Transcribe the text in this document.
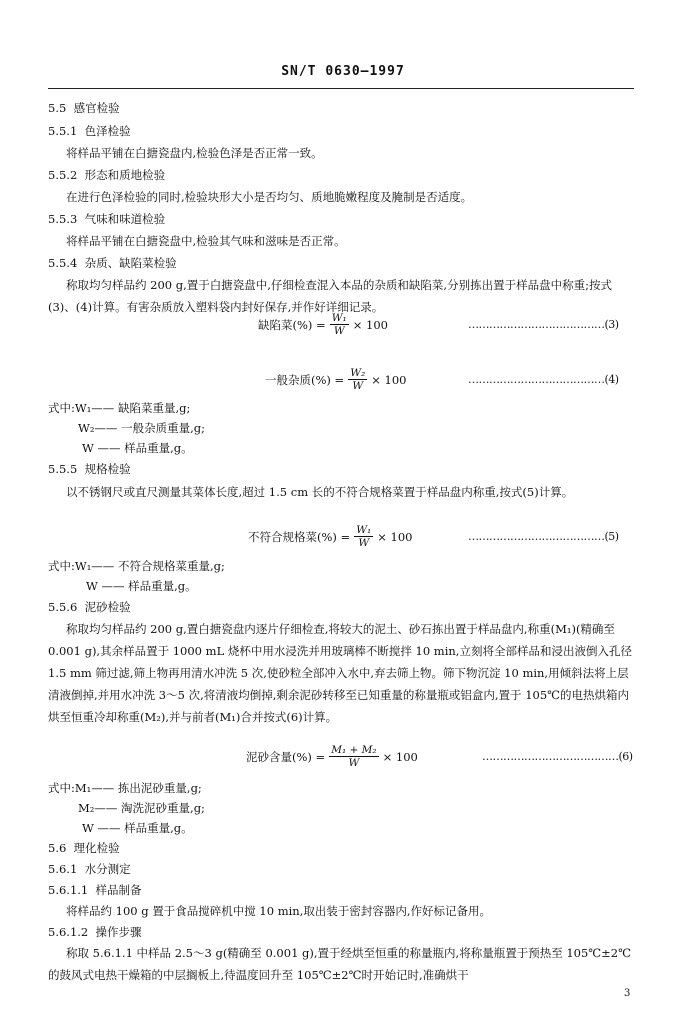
SN/T 0630—1997
5.5 感官检验
5.5.1 色泽检验
将样品平铺在白搪瓷盘内,检验色泽是否正常一致。
5.5.2 形态和质地检验
在进行色泽检验的同时,检验块形大小是否均匀、质地脆嫩程度及腌制是否适度。
5.5.3 气味和味道检验
将样品平铺在白搪瓷盘中,检验其气味和滋味是否正常。
5.5.4 杂质、缺陷菜检验
称取均匀样品约 200 g,置于白搪瓷盘中,仔细检查混入本品的杂质和缺陷菜,分别拣出置于样品盘中称重;按式(3)、(4)计算。有害杂质放入塑料袋内封好保存,并作好详细记录。
缺陷菜(%) = $\frac{\text{W₁}}{W} \times 100$	…………………………………(3)
一般杂质(%) = $\frac{\text{W₂}}{W} \times 100$	…………………………………(4)
式中:W₁—— 缺陷菜重量,g;
W₂—— 一般杂质重量,g;
W —— 样品重量,g。
5.5.5 规格检验
以不锈钢尺或直尺测量其菜体长度,超过 1.5 cm 长的不符合规格菜置于样品盘内称重,按式(5)计算。
不符合规格菜(%) = $\frac{\text{W₁}}{W} \times 100$	…………………………………(5)
式中:W₁—— 不符合规格菜重量,g;
W —— 样品重量,g。
5.5.6 泥砂检验
称取均匀样品约 200 g,置白搪瓷盘内逐片仔细检查,将较大的泥土、砂石拣出置于样品盘内,称重(M₁)(精确至 0.001 g),其余样品置于 1000 mL 烧杯中用水浸洗并用玻璃棒不断搅拌 10 min,立刻将全部样品和浸出液倒入孔径 1.5 mm 筛过滤,筛上物再用清水冲洗 5 次,使砂粒全部冲入水中,弃去筛上物。筛下物沉淀 10 min,用倾斜法将上层清液倒掉,并用水冲洗 3～5 次,将清液均倒掉,剩余泥砂转移至已知重量的称量瓶或铝盒内,置于 105℃的电热烘箱内烘至恒重冷却称重(M₂),并与前者(M₁)合并按式(6)计算。
泥砂含量(%) = $\frac{\text{M₁ + M₂}}{W} \times 100$	…………………………………(6)
式中:M₁—— 拣出泥砂重量,g;
M₂—— 淘洗泥砂重量,g;
W —— 样品重量,g。
5.6 理化检验
5.6.1 水分测定
5.6.1.1 样品制备
将样品约 100 g 置于食品搅碎机中搅 10 min,取出装于密封容器内,作好标记备用。
5.6.1.2 操作步骤
称取 5.6.1.1 中样品 2.5～3 g(精确至 0.001 g),置于经烘至恒重的称量瓶内,将称量瓶置于预热至 105℃±2℃的鼓风式电热干燥箱的中层搁板上,待温度回升至 105℃±2℃时开始记时,准确烘干
3
